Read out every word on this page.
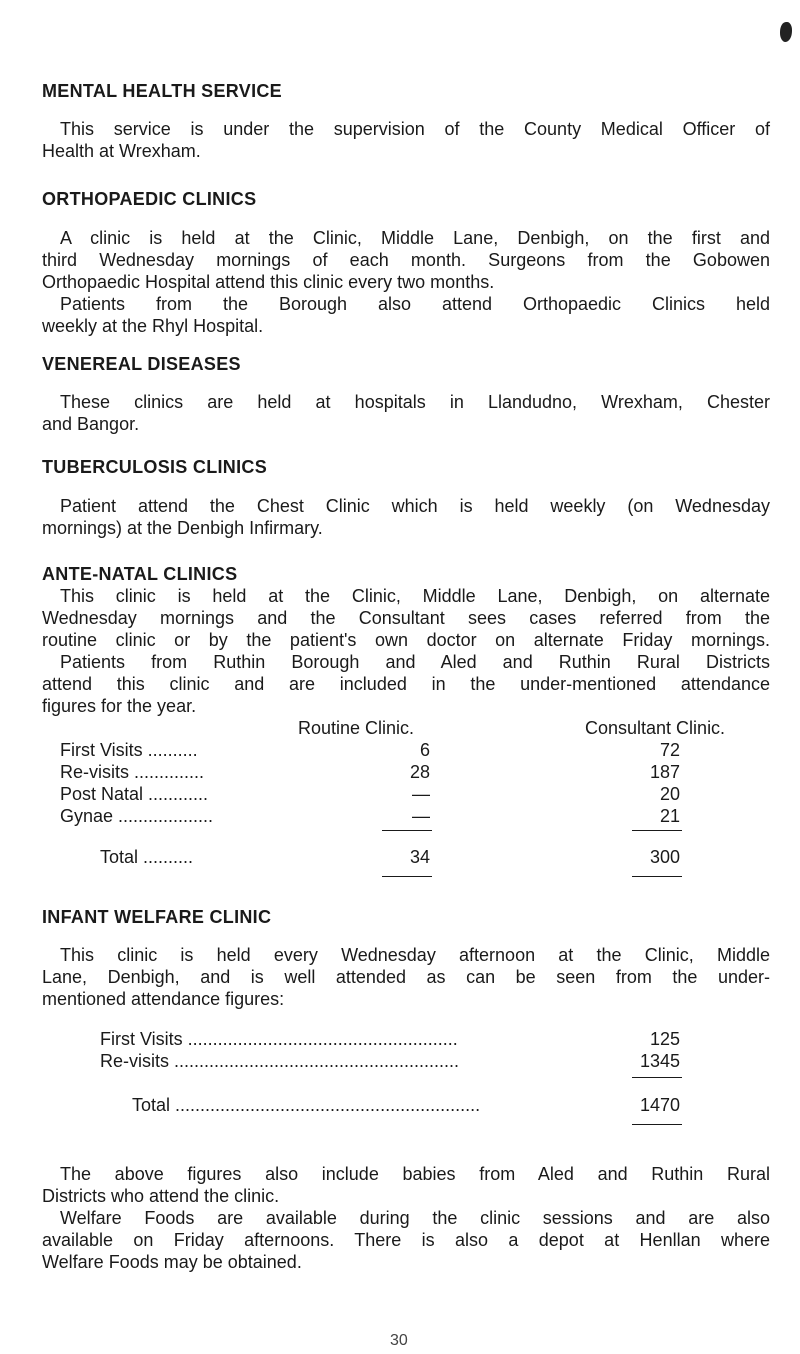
MENTAL HEALTH SERVICE
This service is under the supervision of the County Medical Officer of
Health at Wrexham.
ORTHOPAEDIC CLINICS
A clinic is held at the Clinic, Middle Lane, Denbigh, on the first and
third Wednesday mornings of each month. Surgeons from the Gobowen
Orthopaedic Hospital attend this clinic every two months.
Patients from the Borough also attend Orthopaedic Clinics held
weekly at the Rhyl Hospital.
VENEREAL DISEASES
These clinics are held at hospitals in Llandudno, Wrexham, Chester
and Bangor.
TUBERCULOSIS CLINICS
Patient attend the Chest Clinic which is held weekly (on Wednesday
mornings) at the Denbigh Infirmary.
ANTE-NATAL CLINICS
This clinic is held at the Clinic, Middle Lane, Denbigh, on alternate
Wednesday mornings and the Consultant sees cases referred from the
routine clinic or by the patient's own doctor on alternate Friday mornings.
Patients from Ruthin Borough and Aled and Ruthin Rural Districts
attend this clinic and are included in the under-mentioned attendance
figures for the year.
Routine Clinic.	Consultant Clinic.
First Visits ..........	6	72
Re-visits ..............	28	187
Post Natal ............	—	20
Gynae ...................	—	21
Total ..........	34	300
INFANT WELFARE CLINIC
This clinic is held every Wednesday afternoon at the Clinic, Middle
Lane, Denbigh, and is well attended as can be seen from the under-
mentioned attendance figures:
First Visits ......................................................	125
Re-visits .........................................................	1345
Total .............................................................	1470
The above figures also include babies from Aled and Ruthin Rural
Districts who attend the clinic.
Welfare Foods are available during the clinic sessions and are also
available on Friday afternoons. There is also a depot at Henllan where
Welfare Foods may be obtained.
30
